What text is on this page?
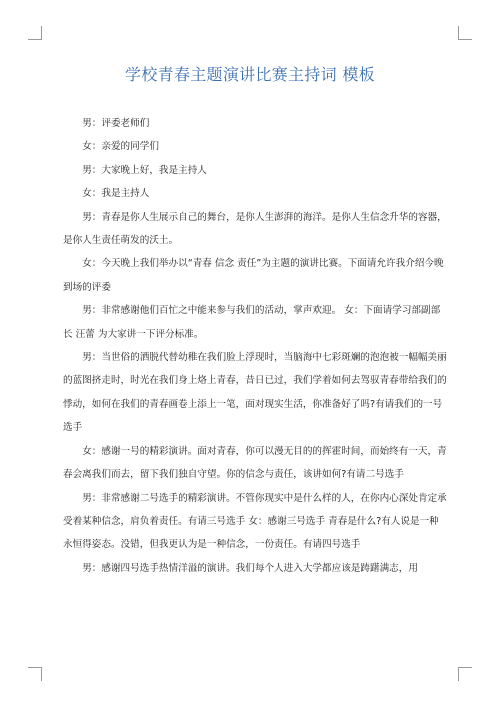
学校青春主题演讲比赛主持词 模板

男：评委老师们

女：亲爱的同学们

男：大家晚上好，我是主持人

女：我是主持人

男：青春是你人生展示自己的舞台，是你人生澎湃的海洋。是你人生信念升华的容器，是你人生责任萌发的沃土。

女：今天晚上我们举办以“青春 信念 责任”为主题的演讲比赛。下面请允许我介绍今晚到场的评委

男：非常感谢他们百忙之中能来参与我们的活动，掌声欢迎。 女：下面请学习部副部长 汪蕾 为大家讲一下评分标准。

男：当世俗的洒脱代替幼稚在我们脸上浮现时，当脑海中七彩斑斓的泡泡被一幅幅美丽的蓝图挤走时，时光在我们身上烙上青春，昔日已过，我们学着如何去驾驭青春带给我们的悸动，如何在我们的青春画卷上添上一笔，面对现实生活，你准备好了吗?有请我们的一号选手

女：感谢一号的精彩演讲。面对青春，你可以漫无目的的挥霍时间，而始终有一天，青春会离我们而去，留下我们独自守望。你的信念与责任，该讲如何?有请二号选手

男：非常感谢二号选手的精彩演讲。不管你现实中是什么样的人，在你内心深处肯定承受着某种信念，肩负着责任。有请三号选手 女：感谢三号选手 青春是什么?有人说是一种永恒得姿态。没错，但我更认为是一种信念，一份责任。有请四号选手

男：感谢四号选手热情洋溢的演讲。我们每个人进入大学都应该是踌躇满志，用
